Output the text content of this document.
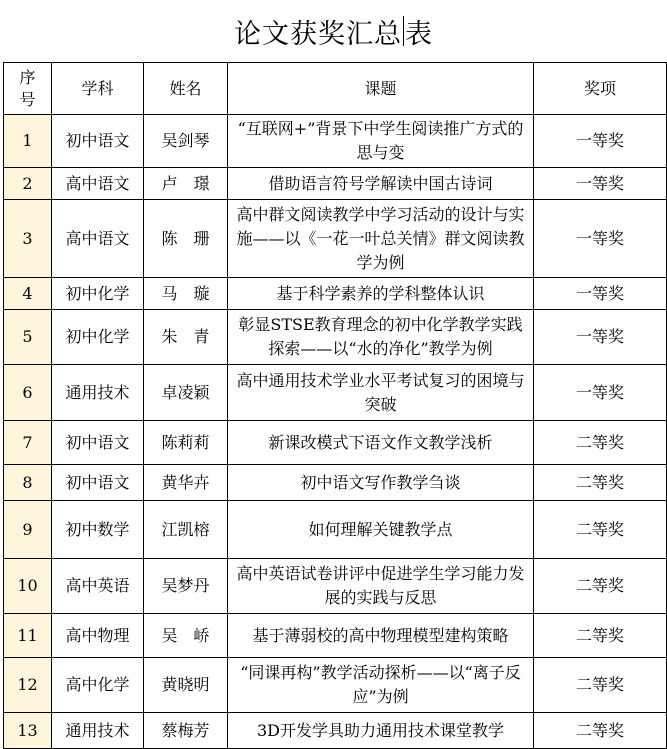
论文获奖汇总 表
序
号	学科	姓名	课题	奖项
1	初中语文	吴剑琴	“互联网+”背景下中学生阅读推广方式的思与变	一等奖
2	高中语文	卢　璟	借助语言符号学解读中国古诗词	一等奖
3	高中语文	陈　珊	高中群文阅读教学中学习活动的设计与实施——以《一花一叶总关情》群文阅读教学为例	一等奖
4	初中化学	马　璇	基于科学素养的学科整体认识	一等奖
5	初中化学	朱　青	彰显STSE教育理念的初中化学教学实践探索——以“水的净化”教学为例	一等奖
6	通用技术	卓凌颖	高中通用技术学业水平考试复习的困境与突破	一等奖
7	初中语文	陈莉莉	新课改模式下语文作文教学浅析	二等奖
8	初中语文	黄华卉	初中语文写作教学刍谈	二等奖
9	初中数学	江凯榕	如何理解关键教学点	二等奖
10	高中英语	吴梦丹	高中英语试卷讲评中促进学生学习能力发展的实践与反思	二等奖
11	高中物理	吴　峤	基于薄弱校的高中物理模型建构策略	二等奖
12	高中化学	黄晓明	“同课再构”教学活动探析——以“离子反应”为例	二等奖
13	通用技术	蔡梅芳	3D开发学具助力通用技术课堂教学	二等奖
